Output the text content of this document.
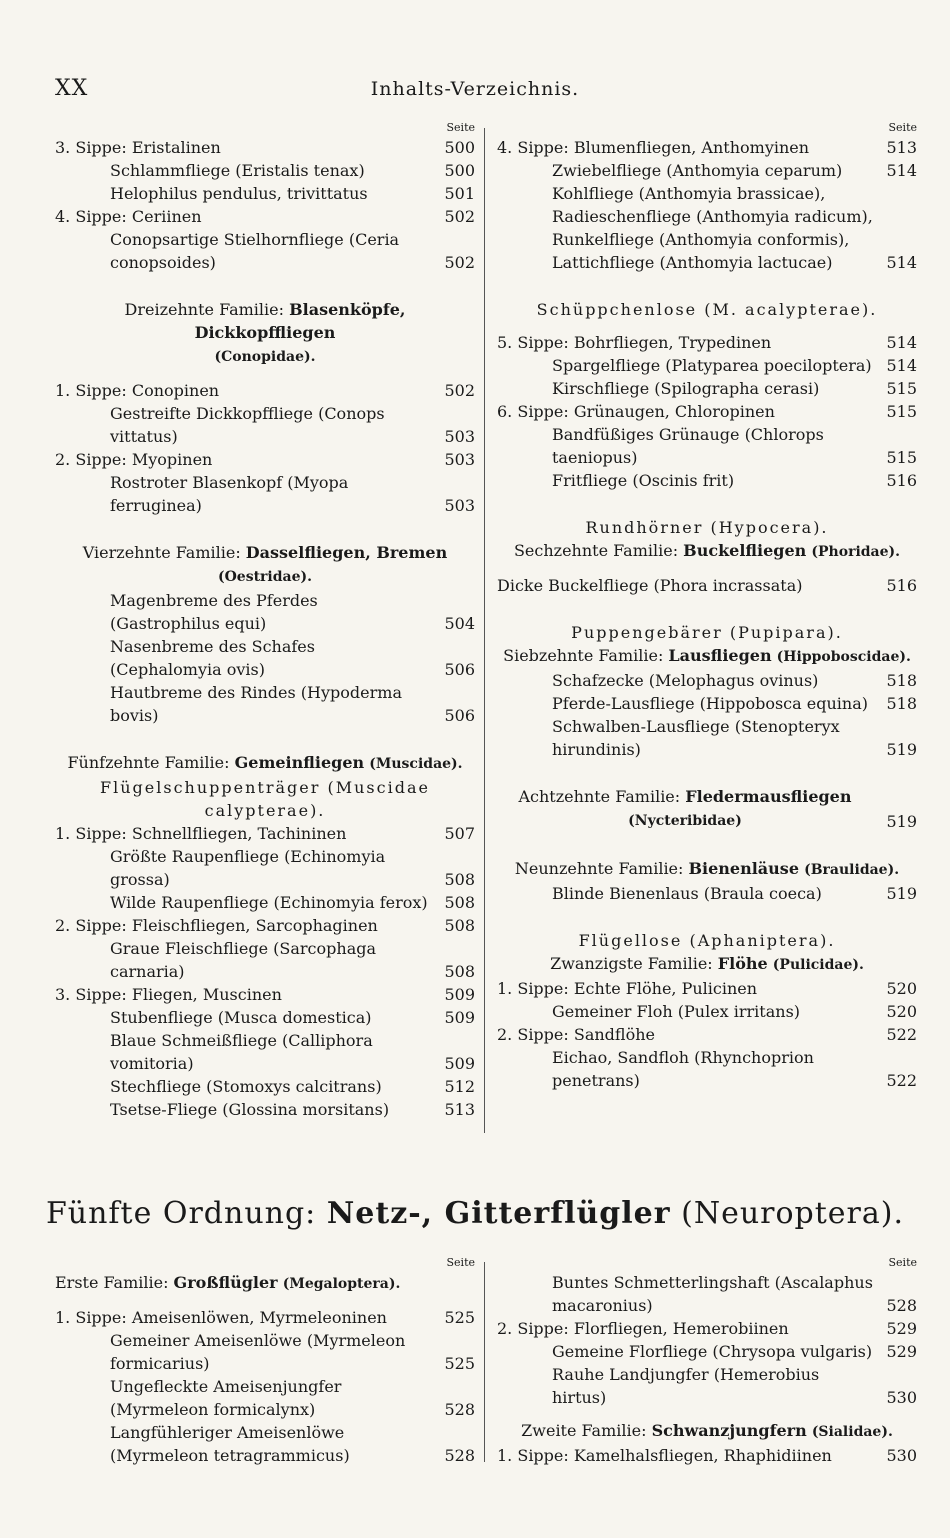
XX	Inhalts-Verzeichnis.
Seite
3. Sippe: Eristalinen	500
Schlammfliege (Eristalis tenax)	500
Helophilus pendulus, trivittatus	501
4. Sippe: Ceriinen	502
Conopsartige Stielhornfliege (Ceria conopsoides)	502
Dreizehnte Familie: Blasenköpfe, Dickkopffliegen
(Conopidae).
1. Sippe: Conopinen	502
Gestreifte Dickkopffliege (Conops vittatus)	503
2. Sippe: Myopinen	503
Rostroter Blasenkopf (Myopa ferruginea)	503
Vierzehnte Familie: Dasselfliegen, Bremen
(Oestridae).
Magenbreme des Pferdes (Gastrophilus equi)	504
Nasenbreme des Schafes (Cephalomyia ovis)	506
Hautbreme des Rindes (Hypoderma bovis)	506
Fünfzehnte Familie: Gemeinfliegen (Muscidae).
Flügelschuppenträger (Muscidae calypterae).
1. Sippe: Schnellfliegen, Tachininen	507
Größte Raupenfliege (Echinomyia grossa)	508
Wilde Raupenfliege (Echinomyia ferox)	508
2. Sippe: Fleischfliegen, Sarcophaginen	508
Graue Fleischfliege (Sarcophaga carnaria)	508
3. Sippe: Fliegen, Muscinen	509
Stubenfliege (Musca domestica)	509
Blaue Schmeißfliege (Calliphora vomitoria)	509
Stechfliege (Stomoxys calcitrans)	512
Tsetse-Fliege (Glossina morsitans)	513
Seite
4. Sippe: Blumenfliegen, Anthomyinen	513
Zwiebelfliege (Anthomyia ceparum)	514
Kohlfliege (Anthomyia brassicae), Radieschenfliege (Anthomyia radicum), Runkelfliege (Anthomyia conformis), Lattichfliege (Anthomyia lactucae)	514
Schüppchenlose (M. acalypterae).
5. Sippe: Bohrfliegen, Trypedinen	514
Spargelfliege (Platyparea poeciloptera) 514
Kirschfliege (Spilographa cerasi)	515
6. Sippe: Grünaugen, Chloropinen	515
Bandfüßiges Grünauge (Chlorops taeniopus)	515
Fritfliege (Oscinis frit)	516
Rundhörner (Hypocera).
Sechzehnte Familie: Buckelfliegen (Phoridae).
Dicke Buckelfliege (Phora incrassata)	516
Puppengebärer (Pupipara).
Siebzehnte Familie: Lausfliegen (Hippoboscidae).
Schafzecke (Melophagus ovinus)	518
Pferde-Lausfliege (Hippobosca equina)	518
Schwalben-Lausfliege (Stenopteryx hirundinis)	519
Achtzehnte Familie: Fledermausfliegen
(Nycteribidae)	519
Neunzehnte Familie: Bienenläuse (Braulidae).
Blinde Bienenlaus (Braula coeca)	519
Flügellose (Aphaniptera).
Zwanzigste Familie: Flöhe (Pulicidae).
1. Sippe: Echte Flöhe, Pulicinen	520
Gemeiner Floh (Pulex irritans)	520
2. Sippe: Sandflöhe	522
Eichao, Sandfloh (Rhynchoprion penetrans)	522
Fünfte Ordnung: Netz-, Gitterflügler (Neuroptera).
Seite
Erste Familie: Großflügler (Megaloptera).
1. Sippe: Ameisenlöwen, Myrmeleoninen	525
Gemeiner Ameisenlöwe (Myrmeleon formicarius)	525
Ungefleckte Ameisenjungfer (Myrmeleon formicalynx)	528
Langfühleriger Ameisenlöwe (Myrmeleon tetragrammicus)	528
Seite
Buntes Schmetterlingshaft (Ascalaphus macaronius)	528
2. Sippe: Florfliegen, Hemerobiinen	529
Gemeine Florfliege (Chrysopa vulgaris) 529
Rauhe Landjungfer (Hemerobius hirtus)	530
Zweite Familie: Schwanzjungfern (Sialidae).
1. Sippe: Kamelhalsfliegen, Rhaphidiinen	530
